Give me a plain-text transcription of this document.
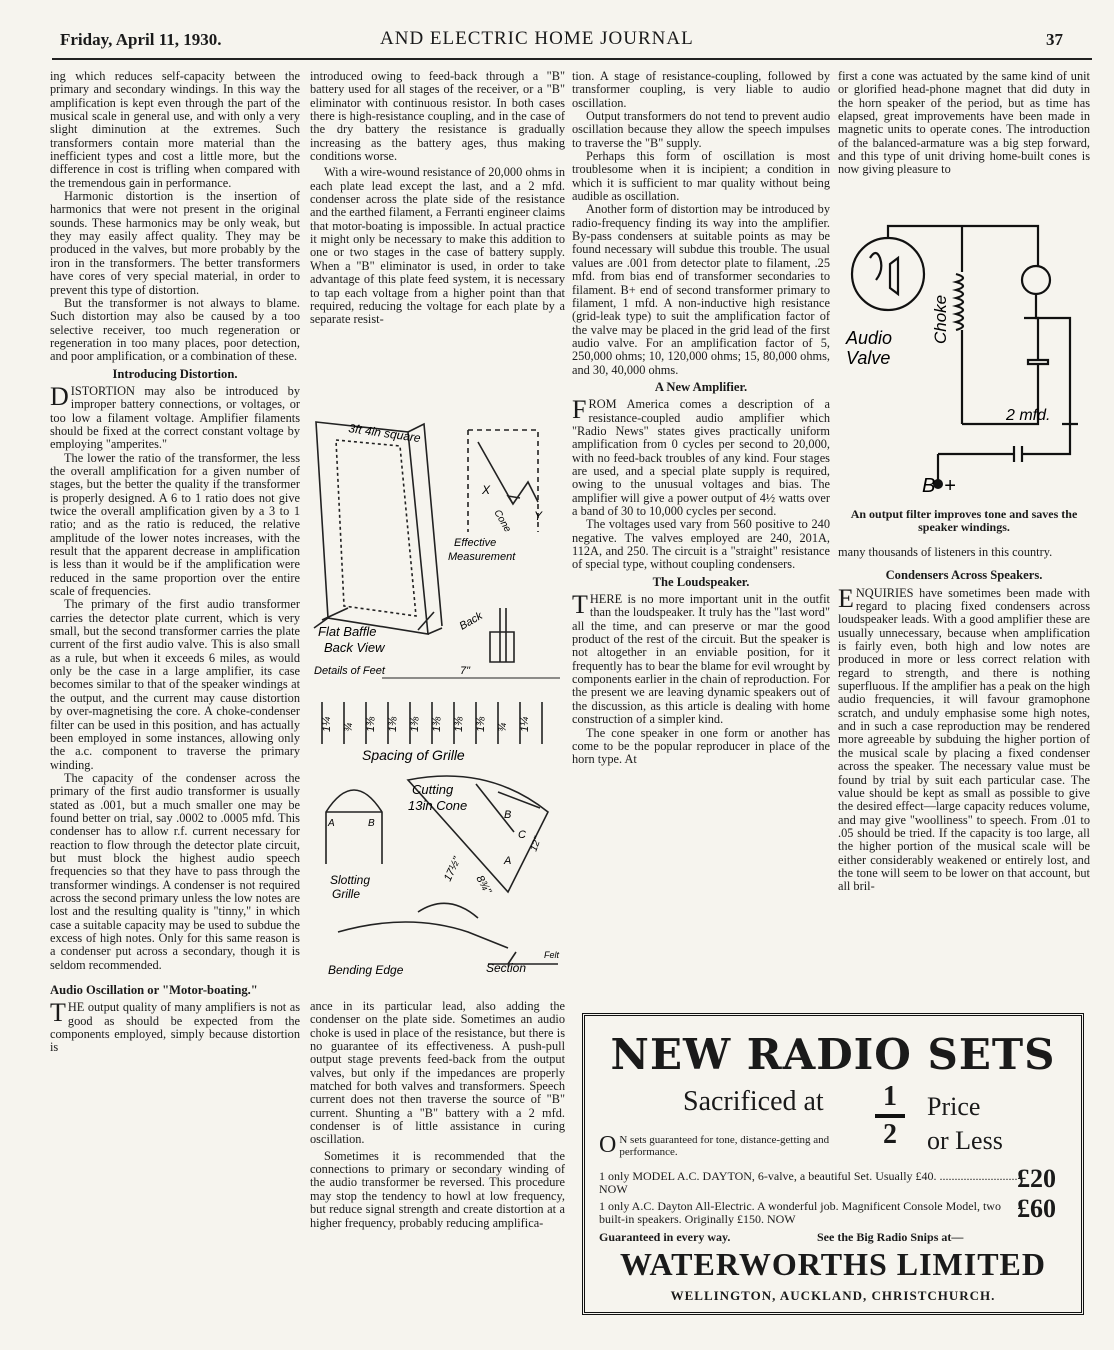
Friday, April 11, 1930.	AND ELECTRIC HOME JOURNAL	37

ing which reduces self-capacity between the primary and secondary windings. In this way the amplification is kept even through the part of the musical scale in general use, and with only a very slight diminution at the extremes. Such transformers contain more material than the inefficient types and cost a little more, but the difference in cost is trifling when compared with the tremendous gain in performance.

Harmonic distortion is the insertion of harmonics that were not present in the original sounds. These harmonics may be only weak, but they may easily affect quality. They may be produced in the valves, but more probably by the iron in the transformers. The better transformers have cores of very special material, in order to prevent this type of distortion.

But the transformer is not always to blame. Such distortion may also be caused by a too selective receiver, too much regeneration or regeneration in too many places, poor detection, and poor amplification, or a combination of these.

Introducing Distortion.

DISTORTION may also be introduced by improper battery connections, or voltages, or too low a filament voltage. Amplifier filaments should be fixed at the correct constant voltage by employing "amperites."

The lower the ratio of the transformer, the less the overall amplification for a given number of stages, but the better the quality if the transformer is properly designed. A 6 to 1 ratio does not give twice the overall amplification given by a 3 to 1 ratio; and as the ratio is reduced, the relative amplitude of the lower notes increases, with the result that the apparent decrease in amplification is less than it would be if the amplification were reduced in the same proportion over the entire scale of frequencies.

The primary of the first audio transformer carries the detector plate current, which is very small, but the second transformer carries the plate current of the first audio valve. This is also small as a rule, but when it exceeds 6 miles, as would only be the case in a large amplifier, its case becomes similar to that of the speaker windings at the output, and the current may cause distortion by over-magnetising the core. A choke-condenser filter can be used in this position, and has actually been employed in some instances, allowing only the a.c. component to traverse the primary winding.

The capacity of the condenser across the primary of the first audio transformer is usually stated as .001, but a much smaller one may be found better on trial, say .0002 to .0005 mfd. This condenser has to allow r.f. current necessary for reaction to flow through the detector plate circuit, but must block the highest audio speech frequencies so that they have to pass through the transformer windings. A condenser is not required across the second primary unless the low notes are lost and the resulting quality is "tinny," in which case a suitable capacity may be used to subdue the excess of high notes. Only for this same reason is a condenser put across a secondary, though it is seldom recommended.

Audio Oscillation or "Motor-boating."

THE output quality of many amplifiers is not as good as should be expected from the components employed, simply because distortion is

introduced owing to feed-back through a "B" battery used for all stages of the receiver, or a "B" eliminator with continuous resistor. In both cases there is high-resistance coupling, and in the case of the dry battery the resistance is gradually increasing as the battery ages, thus making conditions worse.

With a wire-wound resistance of 20,000 ohms in each plate lead except the last, and a 2 mfd. condenser across the plate side of the resistance and the earthed filament, a Ferranti engineer claims that motor-boating is impossible. In actual practice it might only be necessary to make this addition to one or two stages in the case of battery supply. When a "B" eliminator is used, in order to take advantage of this plate feed system, it is necessary to tap each voltage from a higher point than that required, reducing the voltage for each plate by a separate resist-

3ft 4in square
Effective
Measurement
Cone
X
Y
Flat Baffle
Back View
Back
Details of Feet	7"
1¼ ¾ 1⅜ 1⅜ 1⅜ 1⅜ 1⅜ 1⅜ ¾ 1¼
Spacing of Grille
Cutting
13in Cone
A	B
B
C
A
12"
8¾"
17½"
Slotting
Grille
Bending Edge	Section
Felt

ance in its particular lead, also adding the condenser on the plate side. Sometimes an audio choke is used in place of the resistance, but there is no guarantee of its effectiveness. A push-pull output stage prevents feed-back from the output valves, but only if the impedances are properly matched for both valves and transformers. Speech current does not then traverse the source of "B" current. Shunting a "B" battery with a 2 mfd. condenser is of little assistance in curing oscillation.

Sometimes it is recommended that the connections to primary or secondary winding of the audio transformer be reversed. This procedure may stop the tendency to howl at low frequency, but reduce signal strength and create distortion at a higher frequency, probably reducing amplifica-

tion. A stage of resistance-coupling, followed by transformer coupling, is very liable to audio oscillation.

Output transformers do not tend to prevent audio oscillation because they allow the speech impulses to traverse the "B" supply.

Perhaps this form of oscillation is most troublesome when it is incipient; a condition in which it is sufficient to mar quality without being audible as oscillation.

Another form of distortion may be introduced by radio-frequency finding its way into the amplifier. By-pass condensers at suitable points as may be found necessary will subdue this trouble. The usual values are .001 from detector plate to filament, .25 mfd. from bias end of transformer secondaries to filament. B+ end of second transformer primary to filament, 1 mfd. A non-inductive high resistance (grid-leak type) to suit the amplification factor of the valve may be placed in the grid lead of the first audio valve. For an amplification factor of 5, 250,000 ohms; 10, 120,000 ohms; 15, 80,000 ohms, and 30, 40,000 ohms.

A New Amplifier.

FROM America comes a description of a resistance-coupled audio amplifier which "Radio News" states gives practically uniform amplification from 0 cycles per second to 20,000, with no feed-back troubles of any kind. Four stages are used, and a special plate supply is required, owing to the unusual voltages and bias. The amplifier will give a power output of 4½ watts over a band of 30 to 10,000 cycles per second.

The voltages used vary from 560 positive to 240 negative. The valves employed are 240, 201A, 112A, and 250. The circuit is a "straight" resistance of special type, without coupling condensers.

The Loudspeaker.

THERE is no more important unit in the outfit than the loudspeaker. It truly has the "last word" all the time, and can preserve or mar the good product of the rest of the circuit. But the speaker is not altogether in an enviable position, for it frequently has to bear the blame for evil wrought by components earlier in the chain of reproduction. For the present we are leaving dynamic speakers out of the discussion, as this article is dealing with home construction of a simpler kind.

The cone speaker in one form or another has come to be the popular reproducer in place of the horn type. At

first a cone was actuated by the same kind of unit or glorified head-phone magnet that did duty in the horn speaker of the period, but as time has elapsed, great improvements have been made in magnetic units to operate cones. The introduction of the balanced-armature was a big step forward, and this type of unit driving home-built cones is now giving pleasure to

Audio
Valve
Choke
2 mfd.
B +
An output filter improves tone and saves the speaker windings.

many thousands of listeners in this country.

Condensers Across Speakers.

ENQUIRIES have sometimes been made with regard to placing fixed condensers across loudspeaker leads. With a good amplifier these are usually unnecessary, because when amplification is fairly even, both high and low notes are produced in more or less correct relation with regard to strength, and there is nothing superfluous. If the amplifier has a peak on the high audio frequencies, it will favour gramophone scratch, and unduly emphasise some high notes, and in such a case reproduction may be rendered more agreeable by subduing the higher portion of the musical scale by placing a fixed condenser across the speaker. The necessary value must be found by trial by suit each particular case. The value should be kept as small as possible to give the desired effect—large capacity reduces volume, and may give "woolliness" to speech. From .01 to .05 should be tried. If the capacity is too large, all the higher portion of the musical scale will be either considerably weakened or entirely lost, and the tone will seem to be lower on that account, but all bril-

NEW RADIO SETS
Sacrificed at 1
2
Price
or Less
O N sets guaranteed for tone, distance-getting and performance.
1 only MODEL A.C. DAYTON, 6-valve, a beautiful Set. Usually £40. .......................... NOW	£20
1 only A.C. Dayton All-Electric. A wonderful job. Magnificent Console Model, two built-in speakers. Originally £150. NOW	£60
Guaranteed in every way.	See the Big Radio Snips at—
WATERWORTHS LIMITED
WELLINGTON, AUCKLAND, CHRISTCHURCH.
